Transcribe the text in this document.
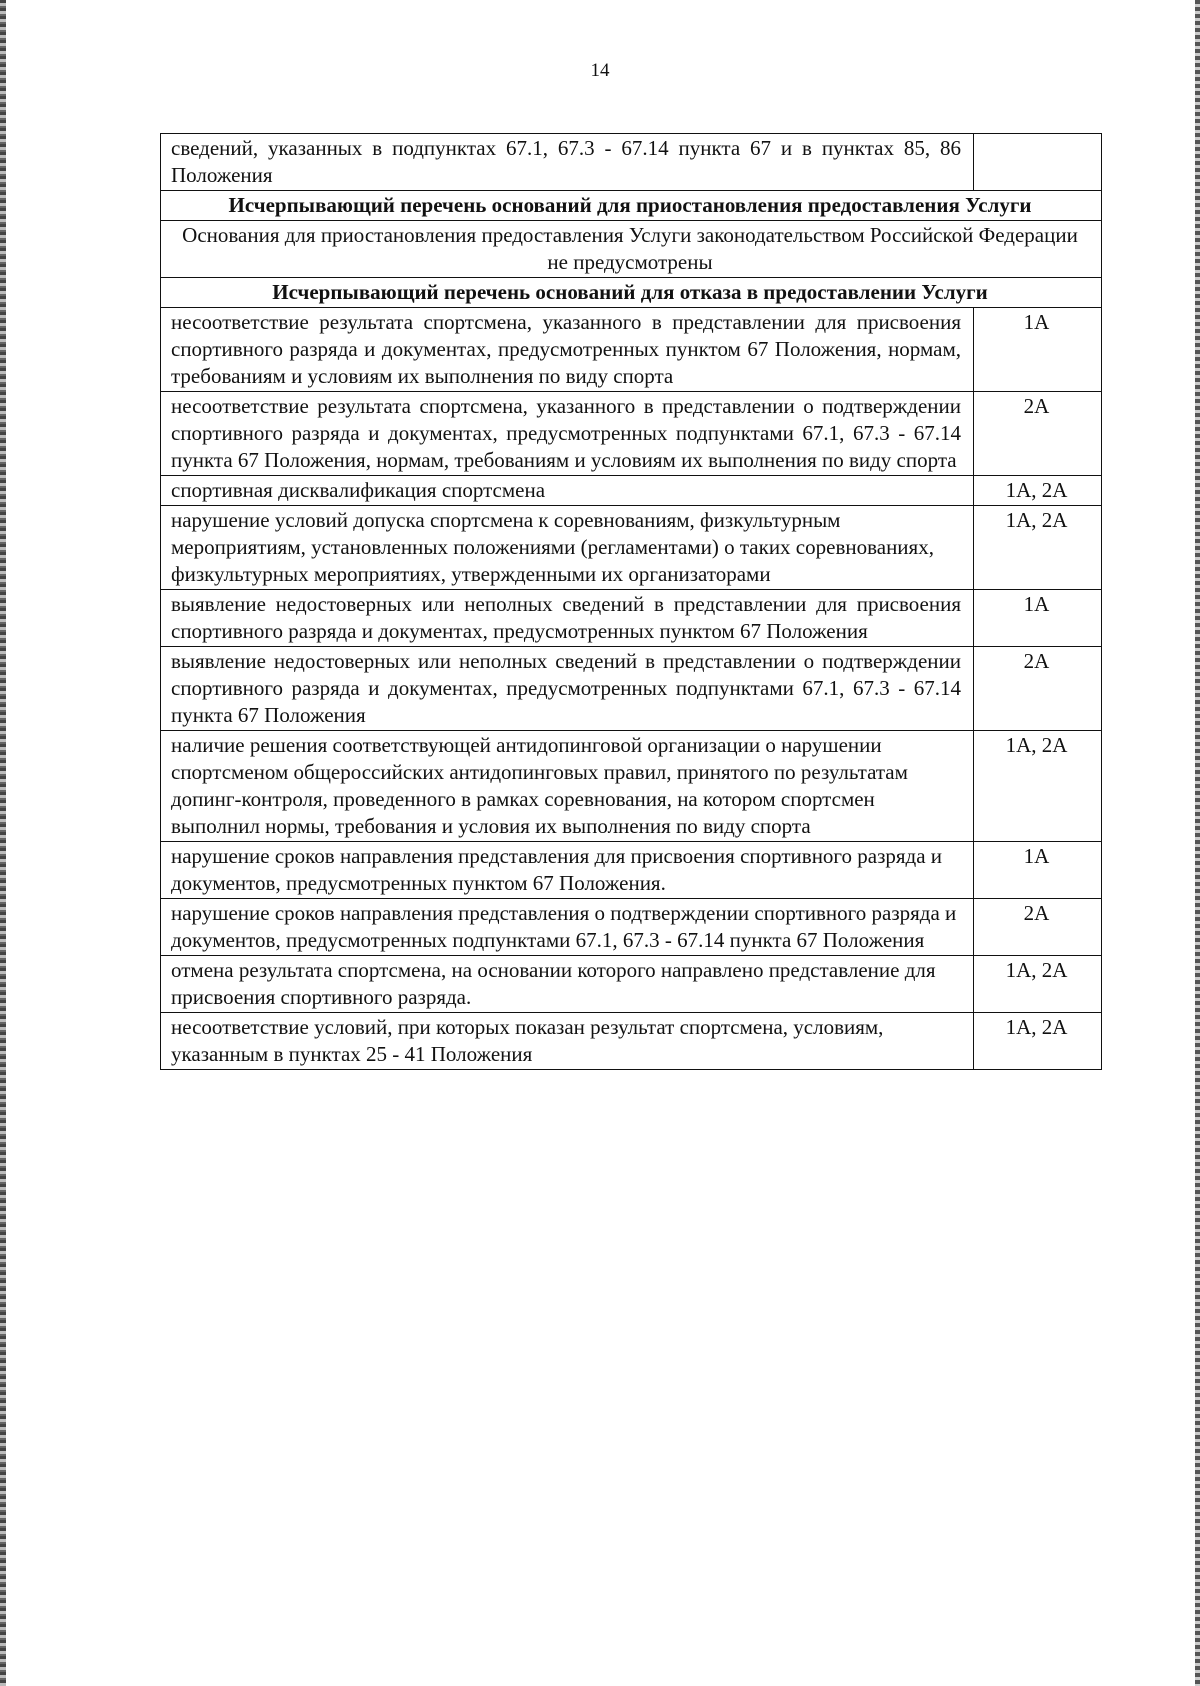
14
сведений, указанных в подпунктах 67.1, 67.3 - 67.14 пункта 67 и в пунктах 85, 86 Положения	
Исчерпывающий перечень оснований для приостановления предоставления Услуги	
Основания для приостановления предоставления Услуги законодательством Российской Федерации не предусмотрены	
Исчерпывающий перечень оснований для отказа в предоставлении Услуги	
несоответствие результата спортсмена, указанного в представлении для присвоения спортивного разряда и документах, предусмотренных пунктом 67 Положения, нормам, требованиям и условиям их выполнения по виду спорта	1А
несоответствие результата спортсмена, указанного в представлении о подтверждении спортивного разряда и документах, предусмотренных подпунктами 67.1, 67.3 - 67.14 пункта 67 Положения, нормам, требованиям и условиям их выполнения по виду спорта	2А
спортивная дисквалификация спортсмена	1А, 2А
нарушение условий допуска спортсмена к соревнованиям, физкультурным мероприятиям, установленных положениями (регламентами) о таких соревнованиях, физкультурных мероприятиях, утвержденными их организаторами	1А, 2А
выявление недостоверных или неполных сведений в представлении для присвоения спортивного разряда и документах, предусмотренных пунктом 67 Положения	1А
выявление недостоверных или неполных сведений в представлении о подтверждении спортивного разряда и документах, предусмотренных подпунктами 67.1, 67.3 - 67.14 пункта 67 Положения	2А
наличие решения соответствующей антидопинговой организации о нарушении спортсменом общероссийских антидопинговых правил, принятого по результатам допинг-контроля, проведенного в рамках соревнования, на котором спортсмен выполнил нормы, требования и условия их выполнения по виду спорта	1А, 2А
нарушение сроков направления представления для присвоения спортивного разряда и документов, предусмотренных пунктом 67 Положения.	1А
нарушение сроков направления представления о подтверждении спортивного разряда и документов, предусмотренных подпунктами 67.1, 67.3 - 67.14 пункта 67 Положения	2А
отмена результата спортсмена, на основании которого направлено представление для присвоения спортивного разряда.	1А, 2А
несоответствие условий, при которых показан результат спортсмена, условиям, указанным в пунктах 25 - 41 Положения	1А, 2А
